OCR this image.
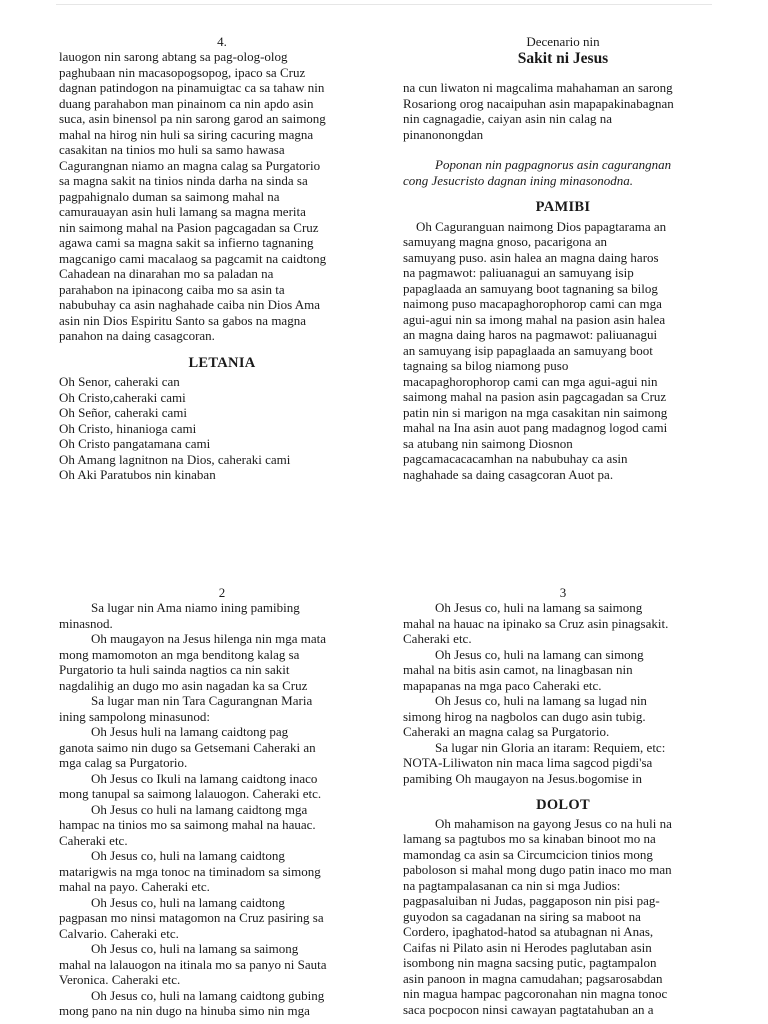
4.
lauogon nin sarong abtang sa pag-olog-olog
paghubaan nin macasopogsopog, ipaco sa Cruz
dagnan patindogon na pinamuigtac ca sa tahaw nin
duang parahabon man pinainom ca nin apdo asin
suca, asin binensol pa nin sarong garod an saimong
mahal na hirog nin huli sa siring cacuring magna
casakitan na tinios mo huli sa samo hawasa
Cagurangnan niamo an magna calag sa Purgatorio
sa magna sakit na tinios ninda darha na sinda sa
pagpahignalo duman sa saimong mahal na
camurauayan asin huli lamang sa magna merita
nin saimong mahal na Pasion pagcagadan sa Cruz
agawa cami sa magna sakit sa infierno tagnaning
magcanigo cami macalaog sa pagcamit na caidtong
Cahadean na dinarahan mo sa paladan na
parahabon na ipinacong caiba mo sa asin ta
nabubuhay ca asin naghahade caiba nin Dios Ama
asin nin Dios Espiritu Santo sa gabos na magna
panahon na daing casagcoran.
LETANIA
Oh Senor, caheraki can
Oh Cristo,caheraki cami
Oh Señor, caheraki cami
Oh Cristo, hinanioga cami
Oh Cristo pangatamana cami
Oh Amang lagnitnon na Dios, caheraki cami
Oh Aki Paratubos nin kinaban
Decenario nin
Sakit ni Jesus
na cun liwaton ni magcalima mahahaman an sarong
Rosariong orog nacaipuhan asin mapapakinabagnan
nin cagnagadie, caiyan asin nin calag na
pinanonongdan
Poponan nin pagpagnorus asin cagurangnan
cong Jesucristo dagnan ining minasonodna.
PAMIBI
Oh Caguranguan naimong Dios papagtarama an
samuyang magna gnoso, pacarigona an
samuyang puso. asin halea an magna daing haros
na pagmawot: paliuanagui an samuyang isip
papaglaada an samuyang boot tagnaning sa bilog
naimong puso macapaghorophorop cami can mga
agui-agui nin sa imong mahal na pasion asin halea
an magna daing haros na pagmawot: paliuanagui
an samuyang isip papaglaada an samuyang boot
tagnaing sa bilog niamong puso
macapaghorophorop cami can mga agui-agui nin
saimong mahal na pasion asin pagcagadan sa Cruz
patin nin si marigon na mga casakitan nin saimong
mahal na Ina asin auot pang madagnog logod cami
sa atubang nin saimong Diosnon
pagcamacacacamhan na nabubuhay ca asin
naghahade sa daing casagcoran Auot pa.
2
Sa lugar nin Ama niamo ining pamibing
minasnod.
Oh maugayon na Jesus hilenga nin mga mata
mong mamomoton an mga benditong kalag sa
Purgatorio ta huli sainda nagtios ca nin sakit
nagdalihig an dugo mo asin nagadan ka sa Cruz
Sa lugar man nin Tara Cagurangnan Maria
ining sampolong minasunod:
Oh Jesus huli na lamang caidtong pag
ganota saimo nin dugo sa Getsemani Caheraki an
mga calag sa Purgatorio.
Oh Jesus co Ikuli na lamang caidtong inaco
mong tanupal sa saimong lalauogon. Caheraki etc.
Oh Jesus co huli na lamang caidtong mga
hampac na tinios mo sa saimong mahal na hauac.
Caheraki etc.
Oh Jesus co, huli na lamang caidtong
matarigwis na mga tonoc na timinadom sa simong
mahal na payo. Caheraki etc.
Oh Jesus co, huli na lamang caidtong
pagpasan mo ninsi matagomon na Cruz pasiring sa
Calvario. Caheraki etc.
Oh Jesus co, huli na lamang sa saimong
mahal na lalauogon na itinala mo sa panyo ni Sauta
Veronica. Caheraki etc.
Oh Jesus co, huli na lamang caidtong gubing
mong pano na nin dugo na hinuba simo nin mga
3
Oh Jesus co, huli na lamang sa saimong
mahal na hauac na ipinako sa Cruz asin pinagsakit.
Caheraki etc.
Oh Jesus co, huli na lamang can simong
mahal na bitis asin camot, na linagbasan nin
mapapanas na mga paco Caheraki etc.
Oh Jesus co, huli na lamang sa lugad nin
simong hirog na nagbolos can dugo asin tubig.
Caheraki an magna calag sa Purgatorio.
Sa lugar nin Gloria an itaram: Requiem, etc:
NOTA-Liliwaton nin maca lima sagcod pigdi'sa
pamibing Oh maugayon na Jesus.bogomise in
DOLOT
Oh mahamison na gayong Jesus co na huli na
lamang sa pagtubos mo sa kinaban binoot mo na
mamondag ca asin sa Circumcicion tinios mong
paboloson si mahal mong dugo patin inaco mo man
na pagtampalasanan ca nin si mga Judios:
pagpasaluiban ni Judas, paggaposon nin pisi pag-
guyodon sa cagadanan na siring sa maboot na
Cordero, ipaghatod-hatod sa atubagnan ni Anas,
Caifas ni Pilato asin ni Herodes paglutaban asin
isombong nin magna sacsing putic, pagtampalon
asin panoon in magna camudahan; pagsarosabdan
nin magua hampac pagcoronahan nin magna tonoc
saca pocpocon ninsi cawayan pagtatahuban an a
